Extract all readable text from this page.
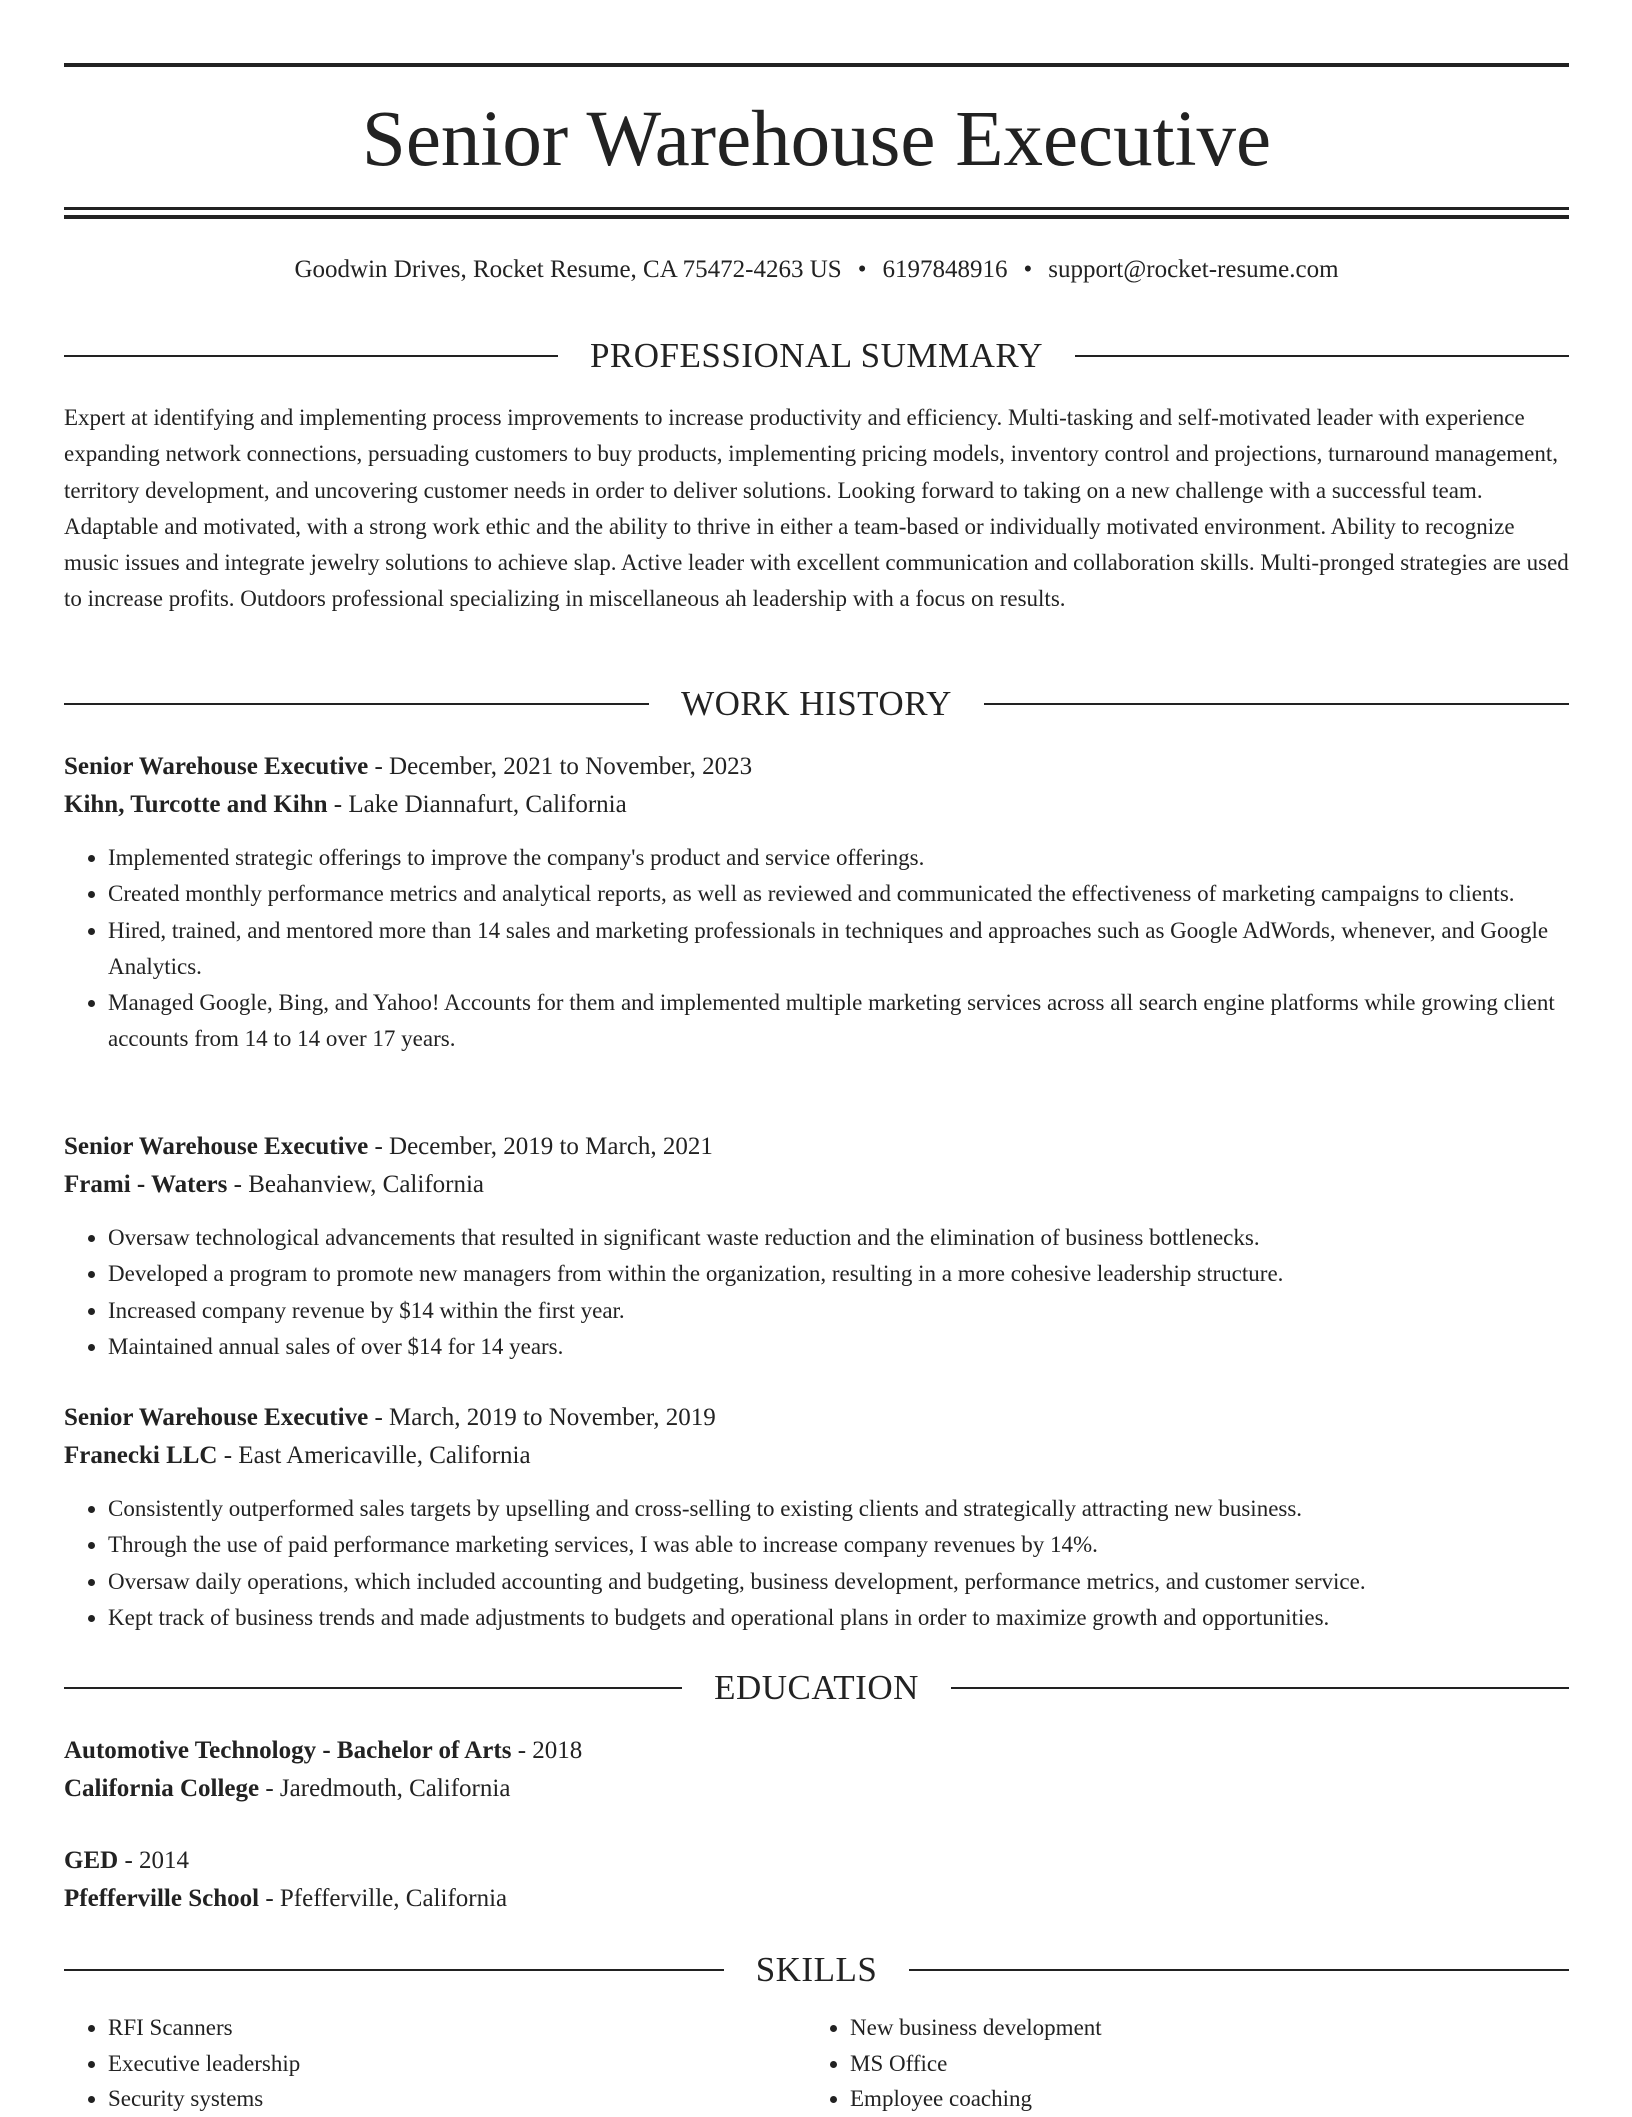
Senior Warehouse Executive
Goodwin Drives, Rocket Resume, CA 75472-4263 US • 6197848916 • support@rocket-resume.com
PROFESSIONAL SUMMARY

Expert at identifying and implementing process improvements to increase productivity and efficiency. Multi-tasking and self-motivated leader with experience expanding network connections, persuading customers to buy products, implementing pricing models, inventory control and projections, turnaround management, territory development, and uncovering customer needs in order to deliver solutions. Looking forward to taking on a new challenge with a successful team. Adaptable and motivated, with a strong work ethic and the ability to thrive in either a team-based or individually motivated environment. Ability to recognize music issues and integrate jewelry solutions to achieve slap. Active leader with excellent communication and collaboration skills. Multi-pronged strategies are used to increase profits. Outdoors professional specializing in miscellaneous ah leadership with a focus on results.

WORK HISTORY
Senior Warehouse Executive - December, 2021 to November, 2023
Kihn, Turcotte and Kihn - Lake Diannafurt, California
• Implemented strategic offerings to improve the company's product and service offerings.
• Created monthly performance metrics and analytical reports, as well as reviewed and communicated the effectiveness of marketing campaigns to clients.
• Hired, trained, and mentored more than 14 sales and marketing professionals in techniques and approaches such as Google AdWords, whenever, and Google Analytics.
• Managed Google, Bing, and Yahoo! Accounts for them and implemented multiple marketing services across all search engine platforms while growing client accounts from 14 to 14 over 17 years.
Senior Warehouse Executive - December, 2019 to March, 2021
Frami - Waters - Beahanview, California
• Oversaw technological advancements that resulted in significant waste reduction and the elimination of business bottlenecks.
• Developed a program to promote new managers from within the organization, resulting in a more cohesive leadership structure.
• Increased company revenue by $14 within the first year.
• Maintained annual sales of over $14 for 14 years.
Senior Warehouse Executive - March, 2019 to November, 2019
Franecki LLC - East Americaville, California
• Consistently outperformed sales targets by upselling and cross-selling to existing clients and strategically attracting new business.
• Through the use of paid performance marketing services, I was able to increase company revenues by 14%.
• Oversaw daily operations, which included accounting and budgeting, business development, performance metrics, and customer service.
• Kept track of business trends and made adjustments to budgets and operational plans in order to maximize growth and opportunities.
EDUCATION
Automotive Technology - Bachelor of Arts - 2018
California College - Jaredmouth, California
GED - 2014
Pfefferville School - Pfefferville, California
SKILLS
• RFI Scanners
• Executive leadership
• Security systems
• New business development
• MS Office
• Employee coaching
